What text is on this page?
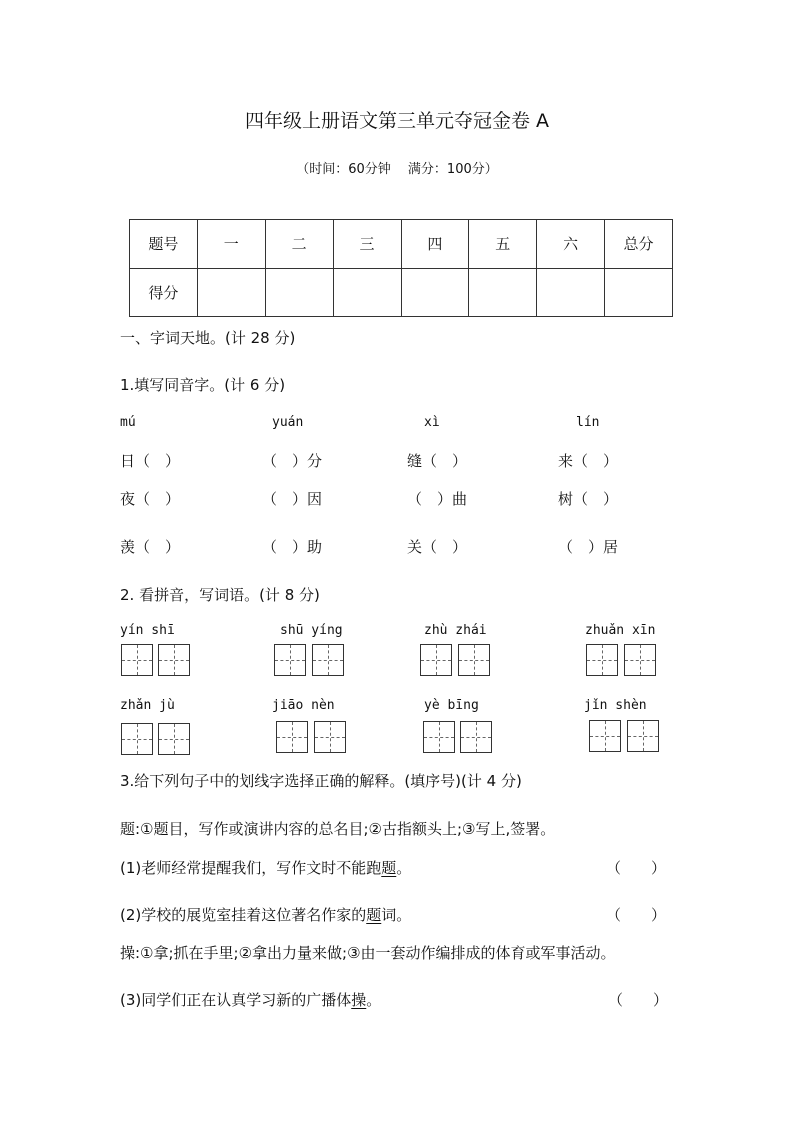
四年级上册语文第三单元夺冠金卷 A
（时间：60分钟　 满分：100分）
题号	一	二	三	四	五	六	总分
得分							
一、字词天地。(计 28 分)
1.填写同音字。(计 6 分)
mú	yuán	xì	lín
日（　）	（　）分	缝（　）	来（　）
夜（　）	（　）因	（　）曲	树（　）
羡（　）	（　）助	关（　）	（　）居
2. 看拼音，写词语。(计 8 分)
yín shī	shū yíng	zhù zhái	zhuǎn xīn
zhǎn jù	jiāo nèn	yè bīng	jǐn shèn
3.给下列句子中的划线字选择正确的解释。(填序号)(计 4 分)
题:①题目，写作或演讲内容的总名目;②古指额头上;③写上,签署。
(1)老师经常提醒我们，写作文时不能跑题。	（　　）
(2)学校的展览室挂着这位著名作家的题词。	（　　）
操:①拿;抓在手里;②拿出力量来做;③由一套动作编排成的体育或军事活动。
(3)同学们正在认真学习新的广播体操。	（　　）
